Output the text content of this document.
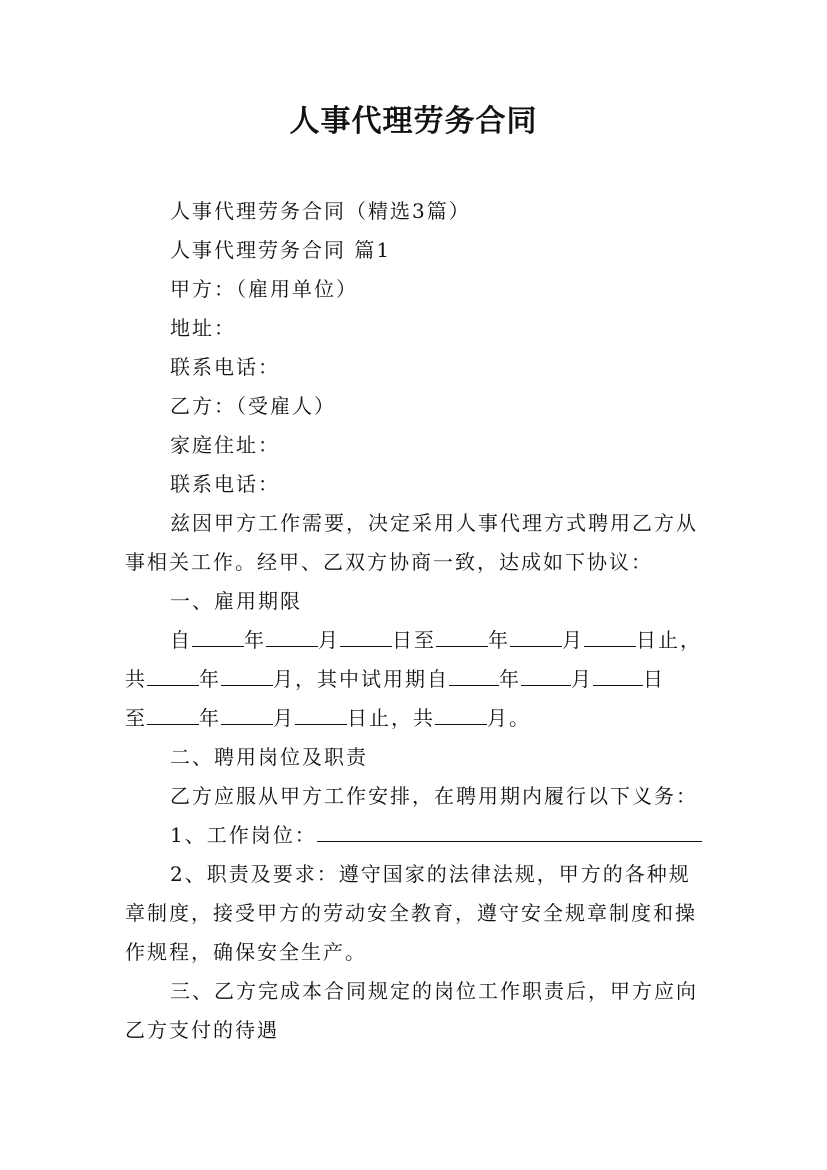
人事代理劳务合同
人事代理劳务合同（精选3篇）
人事代理劳务合同 篇1
甲方：（雇用单位）
地址：
联系电话：
乙方：（受雇人）
家庭住址：
联系电话：
兹因甲方工作需要，决定采用人事代理方式聘用乙方从
事相关工作。经甲、乙双方协商一致，达成如下协议：
一、雇用期限
自	年	月	日至	年	月	日止，
共	年	月，其中试用期自	年	月	日
至	年	月	日止，共	月。
二、聘用岗位及职责
乙方应服从甲方工作安排，在聘用期内履行以下义务：
1、工作岗位：
2、职责及要求：遵守国家的法律法规，甲方的各种规
章制度，接受甲方的劳动安全教育，遵守安全规章制度和操
作规程，确保安全生产。
三、乙方完成本合同规定的岗位工作职责后，甲方应向
乙方支付的待遇
